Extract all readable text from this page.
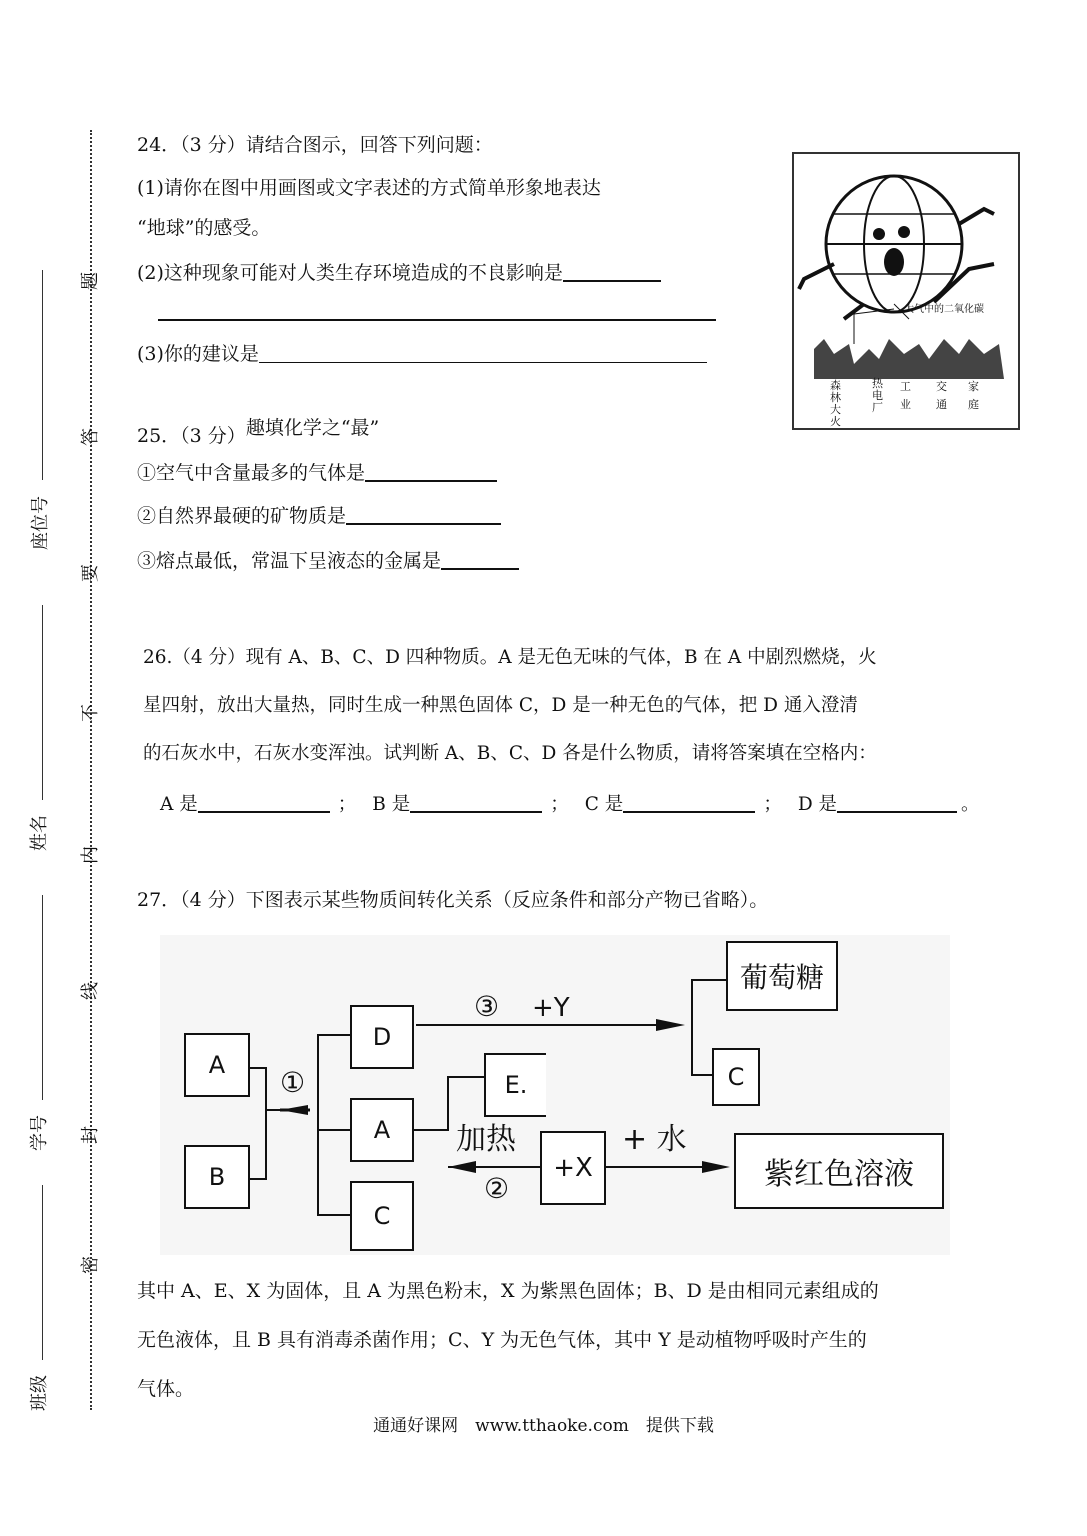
座位号
姓名
学号
班级
题
答
要
不
内
线
封
密
24．（3 分）请结合图示，回答下列问题：
(1)请你在图中用画图或文字表述的方式简单形象地表达
“地球”的感受。
(2)这种现象可能对人类生存环境造成的不良影响是
(3)你的建议是
大气中的二氧化碳
森林大火
热电厂
工业
交通
家庭
25．（3 分）趣填化学之“最”
①空气中含量最多的气体是
②自然界最硬的矿物质是
③熔点最低，常温下呈液态的金属是
26.（4 分）现有 A、B、C、D 四种物质。A 是无色无味的气体，B 在 A 中剧烈燃烧，火
星四射，放出大量热，同时生成一种黑色固体 C，D 是一种无色的气体，把 D 通入澄清
的石灰水中，石灰水变浑浊。试判断 A、B、C、D 各是什么物质，请将答案填在空格内：
A 是	； B 是	； C 是	； D 是	。
27．（4 分）下图表示某些物质间转化关系（反应条件和部分产物已省略）。
A
B
D
A
C
E.
+X
葡萄糖
C
紫红色溶液
①
③ +Y
加热
②
+ 水
其中 A、E、X 为固体，且 A 为黑色粉末，X 为紫黑色固体；B、D 是由相同元素组成的
无色液体，且 B 具有消毒杀菌作用；C、Y 为无色气体，其中 Y 是动植物呼吸时产生的
气体。
通通好课网　www.tthaoke.com　提供下载
